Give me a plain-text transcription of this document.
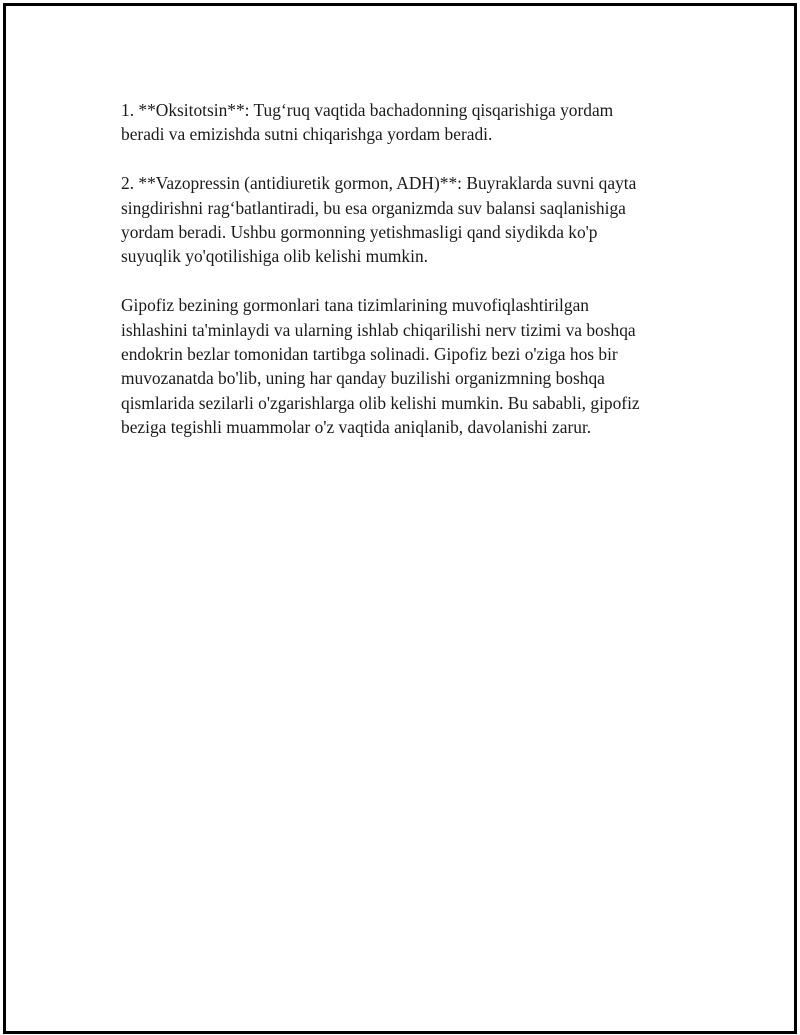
1. **Oksitotsin**: Tug‘ruq vaqtida bachadonning qisqarishiga yordam
beradi va emizishda sutni chiqarishga yordam beradi.

2. **Vazopressin (antidiuretik gormon, ADH)**: Buyraklarda suvni qayta
singdirishni rag‘batlantiradi, bu esa organizmda suv balansi saqlanishiga
yordam beradi. Ushbu gormonning yetishmasligi qand siydikda ko'p
suyuqlik yo'qotilishiga olib kelishi mumkin.

Gipofiz bezining gormonlari tana tizimlarining muvofiqlashtirilgan
ishlashini ta'minlaydi va ularning ishlab chiqarilishi nerv tizimi va boshqa
endokrin bezlar tomonidan tartibga solinadi. Gipofiz bezi o'ziga hos bir
muvozanatda bo'lib, uning har qanday buzilishi organizmning boshqa
qismlarida sezilarli o'zgarishlarga olib kelishi mumkin. Bu sababli, gipofiz
beziga tegishli muammolar o'z vaqtida aniqlanib, davolanishi zarur.
